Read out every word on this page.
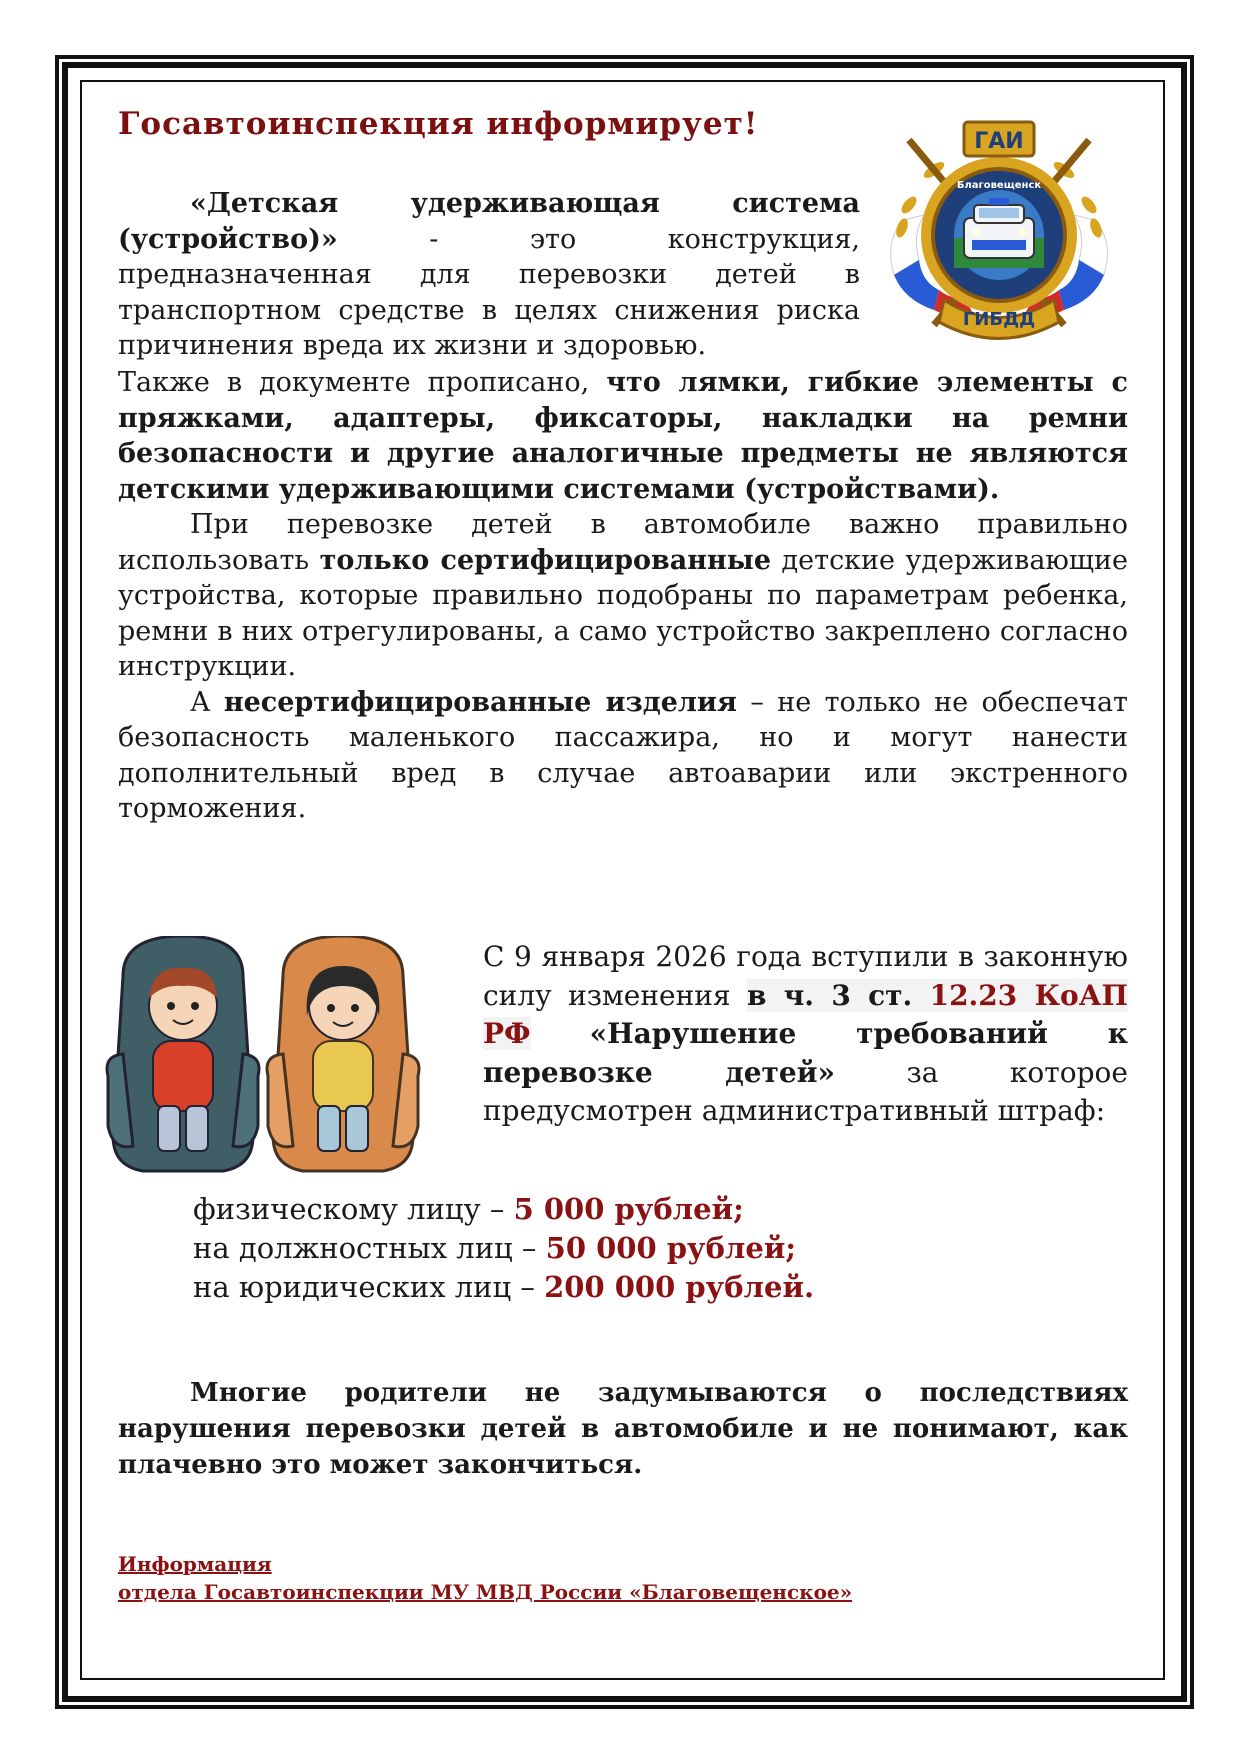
Госавтоинспекция информирует!	ГАИ
Благовещенск
ГИБДД

«Детская удерживающая система (устройство)» - это конструкция, предназначенная для перевозки детей в транспортном средстве в целях снижения риска причинения вреда их жизни и здоровью.

Также в документе прописано, что лямки, гибкие элементы с пряжками, адаптеры, фиксаторы, накладки на ремни безопасности и другие аналогичные предметы не являются детскими удерживающими системами (устройствами).

При перевозке детей в автомобиле важно правильно использовать только сертифицированные детские удерживающие устройства, которые правильно подобраны по параметрам ребенка, ремни в них отрегулированы, а само устройство закреплено согласно инструкции.

А несертифицированные изделия – не только не обеспечат безопасность маленького пассажира, но и могут нанести дополнительный вред в случае автоаварии или экстренного торможения.

С 9 января 2026 года вступили в законную силу изменения в ч. 3 ст. 12.23 КоАП РФ «Нарушение требований к перевозке детей» за которое предусмотрен административный штраф:

физическому лицу – 5 000 рублей;
на должностных лиц – 50 000 рублей;
на юридических лиц – 200 000 рублей.

Многие родители не задумываются о последствиях нарушения перевозки детей в автомобиле и не понимают, как плачевно это может закончиться.

Информация
отдела Госавтоинспекции МУ МВД России «Благовещенское»
